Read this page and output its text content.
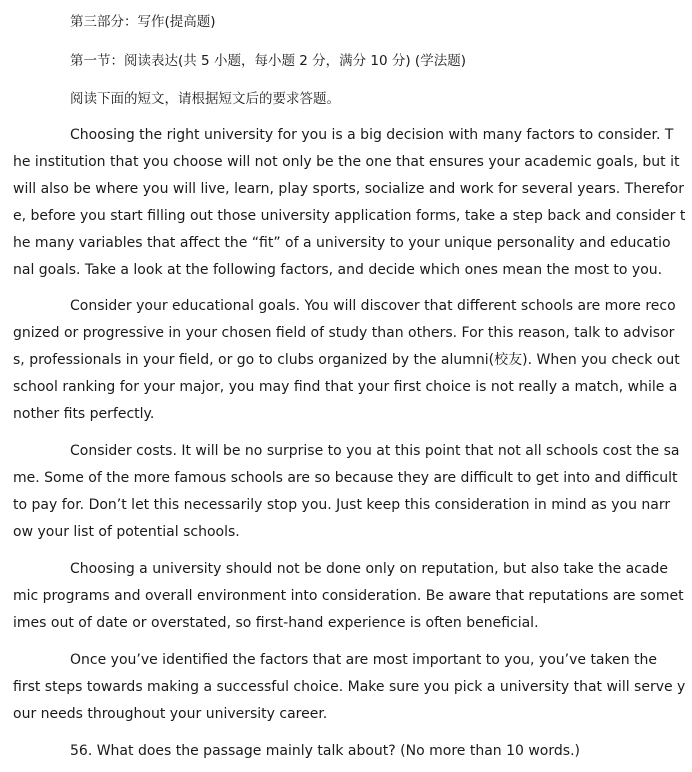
第三部分：写作(提高题)
第一节：阅读表达(共 5 小题，每小题 2 分，满分 10 分) (学法题)
阅读下面的短文，请根据短文后的要求答题。
Choosing the right university for you is a big decision with many factors to consider. T
he institution that you choose will not only be the one that ensures your academic goals, but it
will also be where you will live, learn, play sports, socialize and work for several years. Therefor
e, before you start filling out those university application forms, take a step back and consider t
he many variables that affect the “fit” of a university to your unique personality and educatio
nal goals. Take a look at the following factors, and decide which ones mean the most to you.
Consider your educational goals. You will discover that different schools are more reco
gnized or progressive in your chosen field of study than others. For this reason, talk to advisor
s, professionals in your field, or go to clubs organized by the alumni(校友). When you check out
school ranking for your major, you may find that your first choice is not really a match, while a
nother fits perfectly.
Consider costs. It will be no surprise to you at this point that not all schools cost the sa
me. Some of the more famous schools are so because they are difficult to get into and difficult
to pay for. Don’t let this necessarily stop you. Just keep this consideration in mind as you narr
ow your list of potential schools.
Choosing a university should not be done only on reputation, but also take the acade
mic programs and overall environment into consideration. Be aware that reputations are somet
imes out of date or overstated, so first-hand experience is often beneficial.
Once you’ve identified the factors that are most important to you, you’ve taken the
first steps towards making a successful choice. Make sure you pick a university that will serve y
our needs throughout your university career.
56. What does the passage mainly talk about? (No more than 10 words.)
